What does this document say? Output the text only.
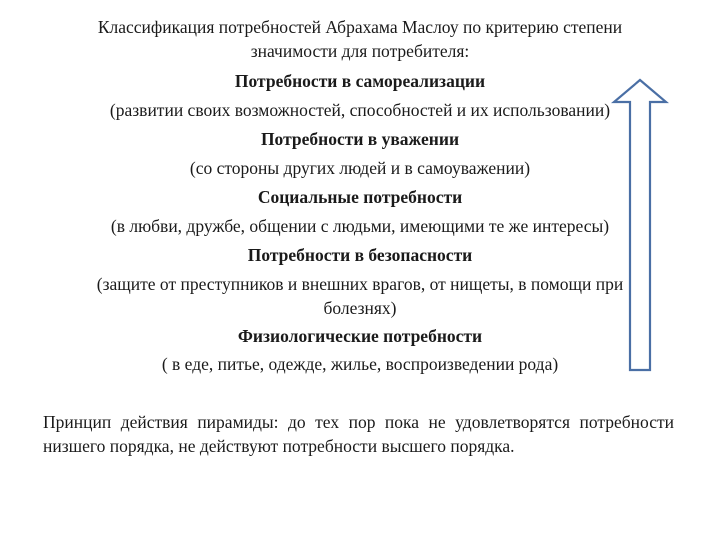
Классификация потребностей Абрахама Маслоу по критерию степени
значимости для потребителя:
Потребности в самореализации
(развитии своих возможностей, способностей и их использовании)
Потребности в уважении
(со стороны других людей и в самоуважении)
Социальные потребности
(в любви, дружбе, общении с людьми, имеющими те же интересы)
Потребности в безопасности
(защите от преступников и внешних врагов, от нищеты, в помощи при
болезнях)
Физиологические потребности
( в еде, питье, одежде, жилье, воспроизведении рода)
Принцип действия пирамиды: до тех пор пока не удовлетворятся потребности низшего порядка, не действуют потребности высшего порядка.
